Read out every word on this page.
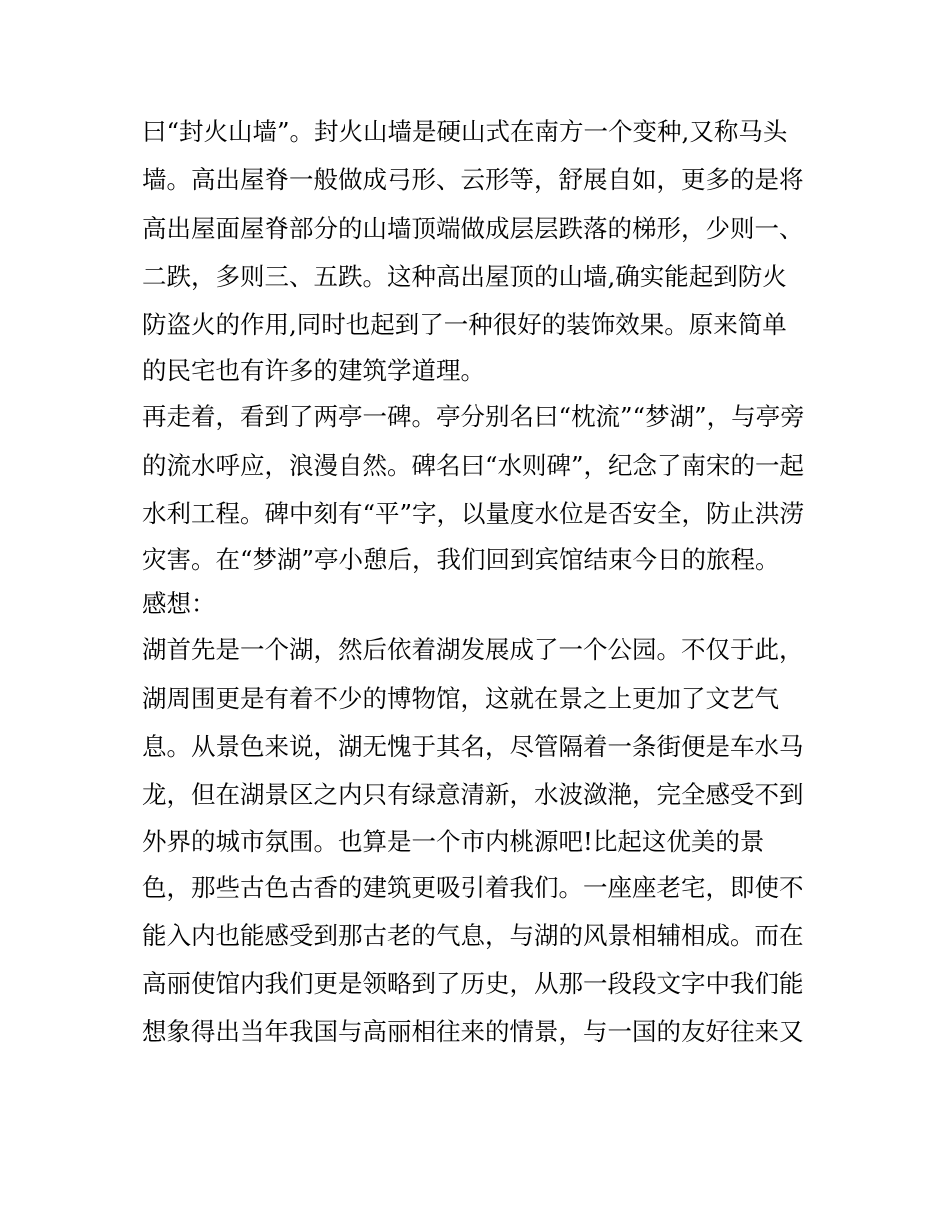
曰“封火山墙”。封火山墙是硬山式在南方一个变种,又称马头
墙。高出屋脊一般做成弓形、云形等，舒展自如，更多的是将
高出屋面屋脊部分的山墙顶端做成层层跌落的梯形，少则一、
二跌，多则三、五跌。这种高出屋顶的山墙,确实能起到防火
防盗火的作用,同时也起到了一种很好的装饰效果。原来简单
的民宅也有许多的建筑学道理。
再走着，看到了两亭一碑。亭分别名曰“枕流”“梦湖”，与亭旁
的流水呼应，浪漫自然。碑名曰“水则碑”，纪念了南宋的一起
水利工程。碑中刻有“平”字，以量度水位是否安全，防止洪涝
灾害。在“梦湖”亭小憩后，我们回到宾馆结束今日的旅程。
感想：
湖首先是一个湖，然后依着湖发展成了一个公园。不仅于此，
湖周围更是有着不少的博物馆，这就在景之上更加了文艺气
息。从景色来说，湖无愧于其名，尽管隔着一条街便是车水马
龙，但在湖景区之内只有绿意清新，水波潋滟，完全感受不到
外界的城市氛围。也算是一个市内桃源吧!比起这优美的景
色，那些古色古香的建筑更吸引着我们。一座座老宅，即使不
能入内也能感受到那古老的气息，与湖的风景相辅相成。而在
高丽使馆内我们更是领略到了历史，从那一段段文字中我们能
想象得出当年我国与高丽相往来的情景，与一国的友好往来又
